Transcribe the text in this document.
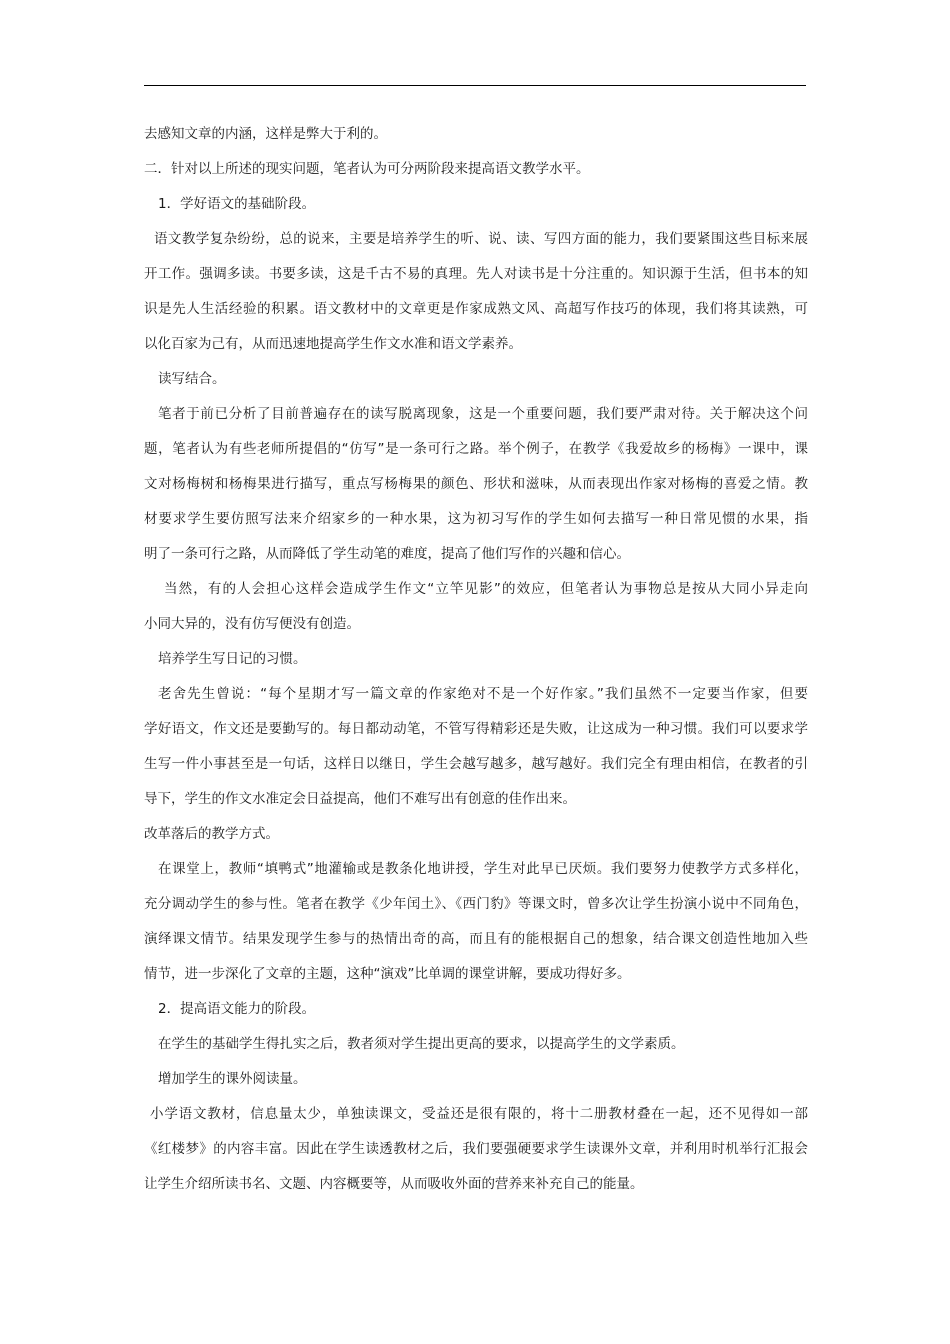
去感知文章的内涵，这样是弊大于利的。
二．针对以上所述的现实问题，笔者认为可分两阶段来提高语文教学水平。
1．学好语文的基础阶段。
语文教学复杂纷纷，总的说来，主要是培养学生的听、说、读、写四方面的能力，我们要紧围这些目标来展
开工作。强调多读。书要多读，这是千古不易的真理。先人对读书是十分注重的。知识源于生活，但书本的知
识是先人生活经验的积累。语文教材中的文章更是作家成熟文风、高超写作技巧的体现，我们将其读熟，可
以化百家为己有，从而迅速地提高学生作文水准和语文学素养。
读写结合。
笔者于前已分析了目前普遍存在的读写脱离现象，这是一个重要问题，我们要严肃对待。关于解决这个问
题，笔者认为有些老师所提倡的“仿写”是一条可行之路。举个例子，在教学《我爱故乡的杨梅》一课中，课
文对杨梅树和杨梅果进行描写，重点写杨梅果的颜色、形状和滋味，从而表现出作家对杨梅的喜爱之情。教
材要求学生要仿照写法来介绍家乡的一种水果，这为初习写作的学生如何去描写一种日常见惯的水果，指
明了一条可行之路，从而降低了学生动笔的难度，提高了他们写作的兴趣和信心。
当然，有的人会担心这样会造成学生作文“立竿见影”的效应，但笔者认为事物总是按从大同小异走向
小同大异的，没有仿写便没有创造。
培养学生写日记的习惯。
老舍先生曾说：“每个星期才写一篇文章的作家绝对不是一个好作家。”我们虽然不一定要当作家，但要
学好语文，作文还是要勤写的。每日都动动笔，不管写得精彩还是失败，让这成为一种习惯。我们可以要求学
生写一件小事甚至是一句话，这样日以继日，学生会越写越多，越写越好。我们完全有理由相信，在教者的引
导下，学生的作文水准定会日益提高，他们不难写出有创意的佳作出来。
改革落后的教学方式。
在课堂上，教师“填鸭式”地灌输或是教条化地讲授，学生对此早已厌烦。我们要努力使教学方式多样化，
充分调动学生的参与性。笔者在教学《少年闰土》、《西门豹》等课文时，曾多次让学生扮演小说中不同角色，
演绎课文情节。结果发现学生参与的热情出奇的高，而且有的能根据自己的想象，结合课文创造性地加入些
情节，进一步深化了文章的主题，这种“演戏”比单调的课堂讲解，要成功得好多。
2．提高语文能力的阶段。
在学生的基础学生得扎实之后，教者须对学生提出更高的要求，以提高学生的文学素质。
增加学生的课外阅读量。
小学语文教材，信息量太少，单独读课文，受益还是很有限的，将十二册教材叠在一起，还不见得如一部
《红楼梦》的内容丰富。因此在学生读透教材之后，我们要强硬要求学生读课外文章，并利用时机举行汇报会
让学生介绍所读书名、文题、内容概要等，从而吸收外面的营养来补充自己的能量。
